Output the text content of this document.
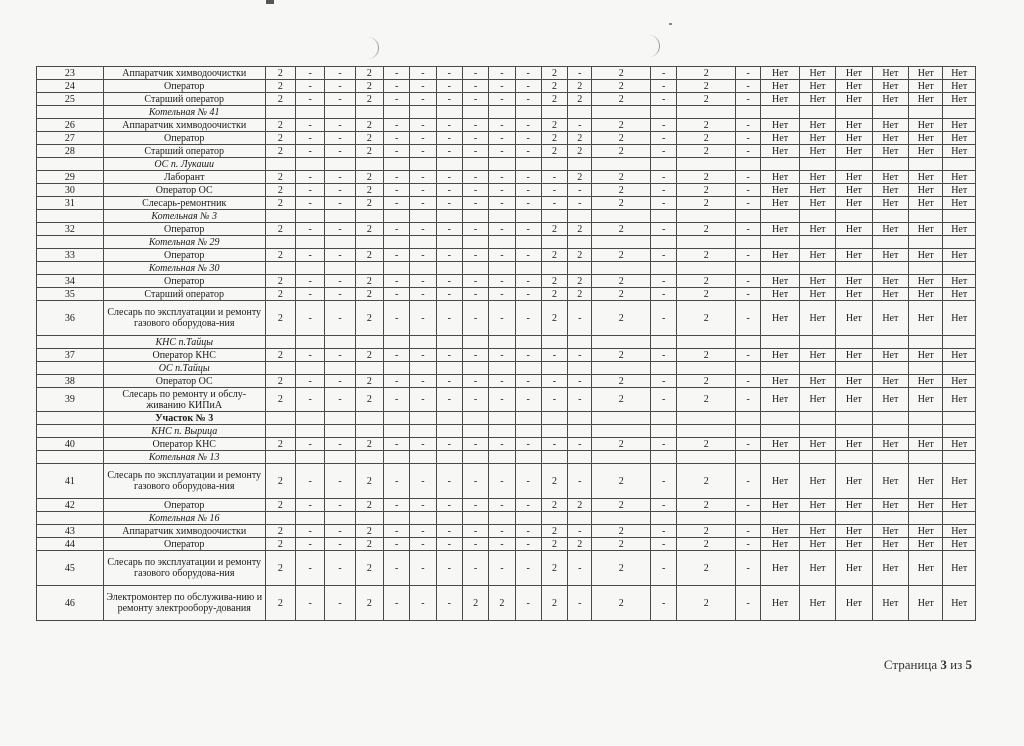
23	Аппаратчик химводоочистки	2	-	-	2	-	-	-	-	-	-	2	-	2	-	2	-	Нет	Нет	Нет	Нет	Нет	Нет
24	Оператор	2	-	-	2	-	-	-	-	-	-	2	2	2	-	2	-	Нет	Нет	Нет	Нет	Нет	Нет
25	Старший оператор	2	-	-	2	-	-	-	-	-	-	2	2	2	-	2	-	Нет	Нет	Нет	Нет	Нет	Нет
	Котельная № 41																						
26	Аппаратчик химводоочистки	2	-	-	2	-	-	-	-	-	-	2	-	2	-	2	-	Нет	Нет	Нет	Нет	Нет	Нет
27	Оператор	2	-	-	2	-	-	-	-	-	-	2	2	2	-	2	-	Нет	Нет	Нет	Нет	Нет	Нет
28	Старший оператор	2	-	-	2	-	-	-	-	-	-	2	2	2	-	2	-	Нет	Нет	Нет	Нет	Нет	Нет
	ОС п. Лукаши																						
29	Лаборант	2	-	-	2	-	-	-	-	-	-	-	2	2	-	2	-	Нет	Нет	Нет	Нет	Нет	Нет
30	Оператор ОС	2	-	-	2	-	-	-	-	-	-	-	-	2	-	2	-	Нет	Нет	Нет	Нет	Нет	Нет
31	Слесарь-ремонтник	2	-	-	2	-	-	-	-	-	-	-	-	2	-	2	-	Нет	Нет	Нет	Нет	Нет	Нет
	Котельная № 3																						
32	Оператор	2	-	-	2	-	-	-	-	-	-	2	2	2	-	2	-	Нет	Нет	Нет	Нет	Нет	Нет
	Котельная № 29																						
33	Оператор	2	-	-	2	-	-	-	-	-	-	2	2	2	-	2	-	Нет	Нет	Нет	Нет	Нет	Нет
	Котельная № 30																						
34	Оператор	2	-	-	2	-	-	-	-	-	-	2	2	2	-	2	-	Нет	Нет	Нет	Нет	Нет	Нет
35	Старший оператор	2	-	-	2	-	-	-	-	-	-	2	2	2	-	2	-	Нет	Нет	Нет	Нет	Нет	Нет
36	Слесарь по эксплуатации и ремонту газового оборудова-ния	2	-	-	2	-	-	-	-	-	-	2	-	2	-	2	-	Нет	Нет	Нет	Нет	Нет	Нет
	КНС п.Тайцы																						
37	Оператор КНС	2	-	-	2	-	-	-	-	-	-	-	-	2	-	2	-	Нет	Нет	Нет	Нет	Нет	Нет
	ОС п.Тайцы																						
38	Оператор ОС	2	-	-	2	-	-	-	-	-	-	-	-	2	-	2	-	Нет	Нет	Нет	Нет	Нет	Нет
39	Слесарь по ремонту и обслу-живанию КИПиА	2	-	-	2	-	-	-	-	-	-	-	-	2	-	2	-	Нет	Нет	Нет	Нет	Нет	Нет
	Участок № 3																						
	КНС п. Вырица																						
40	Оператор КНС	2	-	-	2	-	-	-	-	-	-	-	-	2	-	2	-	Нет	Нет	Нет	Нет	Нет	Нет
	Котельная № 13																						
41	Слесарь по эксплуатации и ремонту газового оборудова-ния	2	-	-	2	-	-	-	-	-	-	2	-	2	-	2	-	Нет	Нет	Нет	Нет	Нет	Нет
42	Оператор	2	-	-	2	-	-	-	-	-	-	2	2	2	-	2	-	Нет	Нет	Нет	Нет	Нет	Нет
	Котельная № 16																						
43	Аппаратчик химводоочистки	2	-	-	2	-	-	-	-	-	-	2	-	2	-	2	-	Нет	Нет	Нет	Нет	Нет	Нет
44	Оператор	2	-	-	2	-	-	-	-	-	-	2	2	2	-	2	-	Нет	Нет	Нет	Нет	Нет	Нет
45	Слесарь по эксплуатации и ремонту газового оборудова-ния	2	-	-	2	-	-	-	-	-	-	2	-	2	-	2	-	Нет	Нет	Нет	Нет	Нет	Нет
46	Электромонтер по обслужива-нию и ремонту электрообору-дования	2	-	-	2	-	-	-	2	2	-	2	-	2	-	2	-	Нет	Нет	Нет	Нет	Нет	Нет
Страница 3 из 5
